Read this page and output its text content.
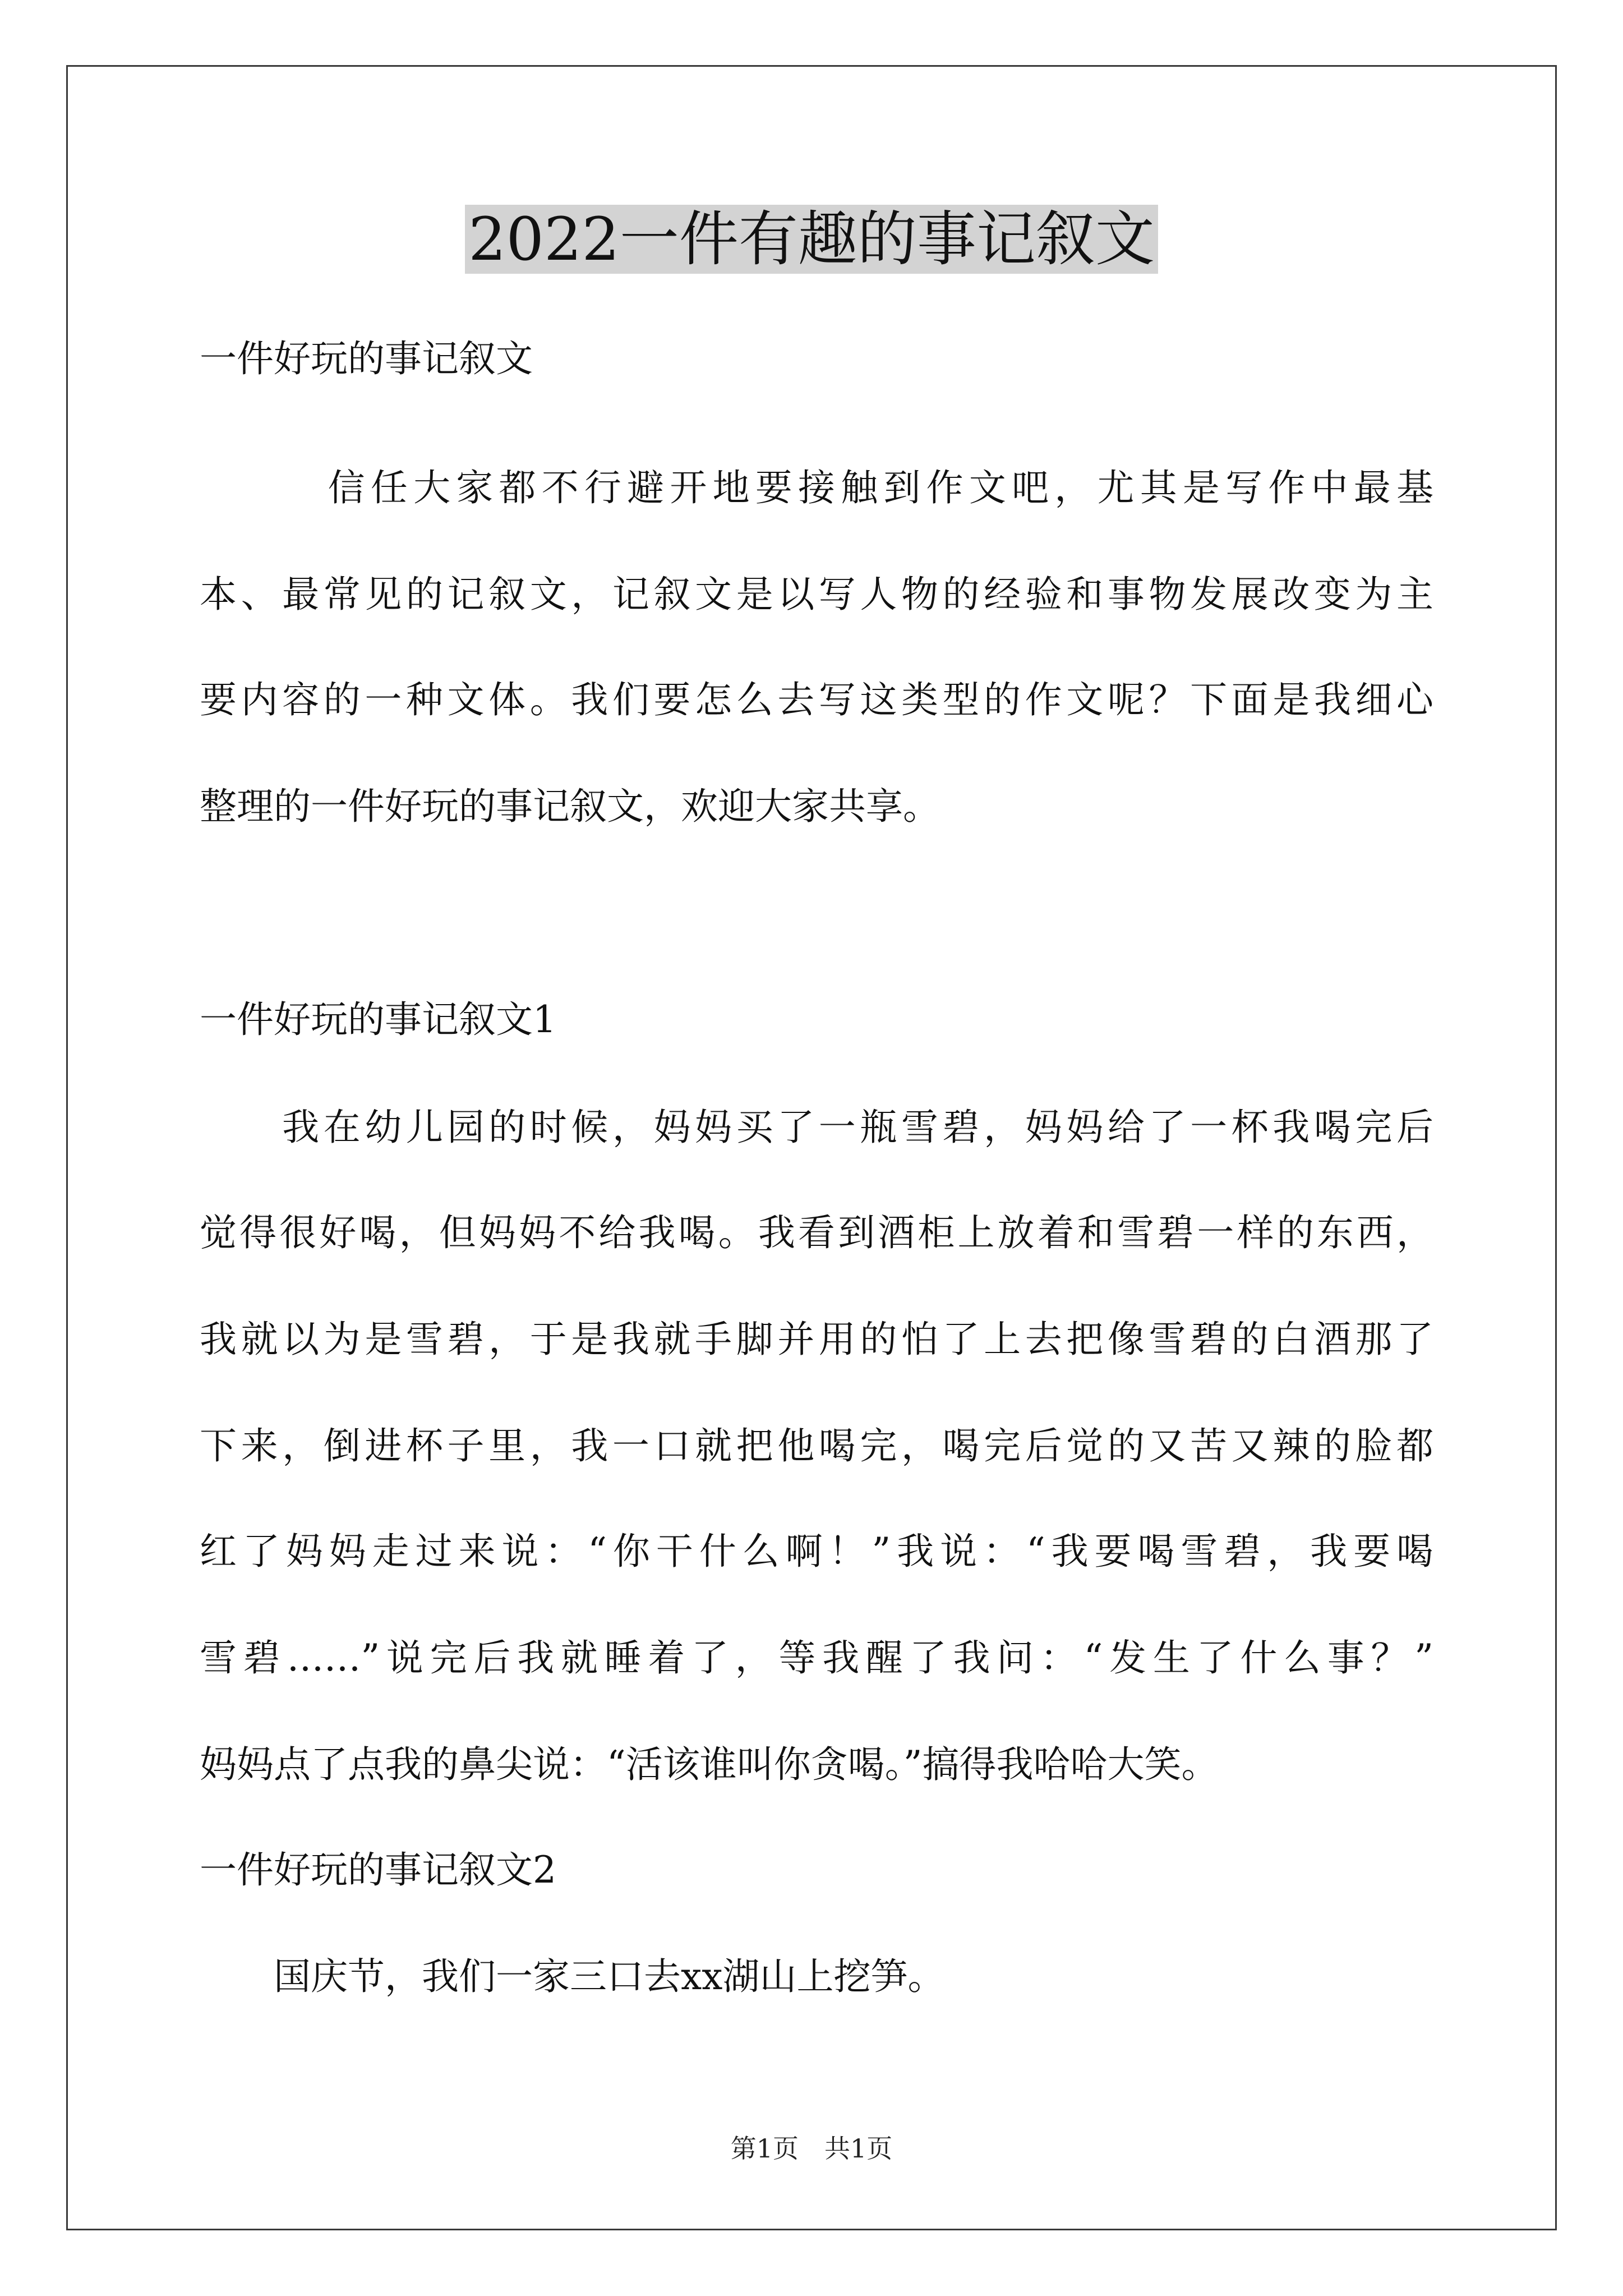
2022一件有趣的事记叙文
一件好玩的事记叙文
　　　信任大家都不行避开地要接触到作文吧，尤其是写作中最基
本、最常见的记叙文，记叙文是以写人物的经验和事物发展改变为主
要内容的一种文体。我们要怎么去写这类型的作文呢？下面是我细心
整理的一件好玩的事记叙文，欢迎大家共享。
一件好玩的事记叙文1
　　我在幼儿园的时候，妈妈买了一瓶雪碧，妈妈给了一杯我喝完后
觉得很好喝，但妈妈不给我喝。我看到酒柜上放着和雪碧一样的东西，
我就以为是雪碧，于是我就手脚并用的怕了上去把像雪碧的白酒那了
下来，倒进杯子里，我一口就把他喝完，喝完后觉的又苦又辣的脸都
红了妈妈走过来说：“你干什么啊！”我说：“我要喝雪碧，我要喝
雪碧……”说完后我就睡着了，等我醒了我问：“发生了什么事？”
妈妈点了点我的鼻尖说：“活该谁叫你贪喝。”搞得我哈哈大笑。
一件好玩的事记叙文2
　　国庆节，我们一家三口去xx湖山上挖笋。
第1页　共1页
